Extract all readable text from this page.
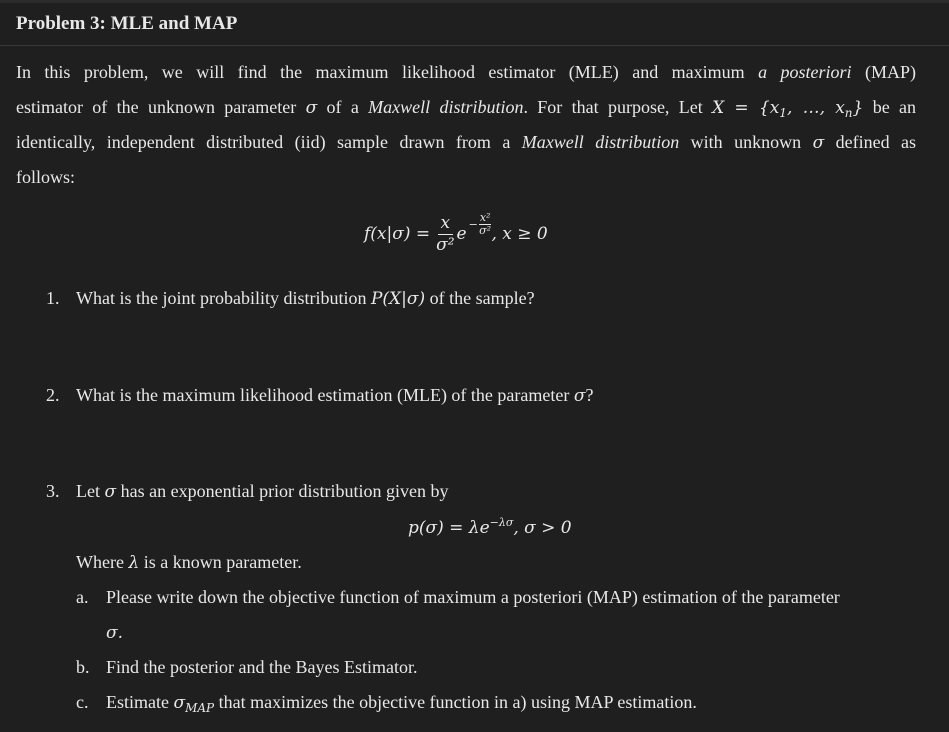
Problem 3: MLE and MAP
In this problem, we will find the maximum likelihood estimator (MLE) and maximum a posteriori (MAP)
estimator of the unknown parameter σ of a Maxwell distribution. For that purpose, Let $X = \{x_1$, …, $x_n$} be an
identically, independent distributed (iid) sample drawn from a Maxwell distribution with unknown σ defined as
follows:
$f(x|\sigma) = \frac{x}{\text{σ²}}$ $e - \frac{\text{x²}}{\text{σ²}}$ , x ≥ 0
1. What is the joint probability distribution P(X|σ) of the sample?
2. What is the maximum likelihood estimation (MLE) of the parameter σ?
3. Let σ has an exponential prior distribution given by
$p(\sigma) = \lambda e^{-\lambda\sigma}$, σ > 0
Where λ is a known parameter.
a. Please write down the objective function of maximum a posteriori (MAP) estimation of the parameter
σ.
b. Find the posterior and the Bayes Estimator.
c. Estimate $\sigma_{MAP}$ that maximizes the objective function in a) using MAP estimation.
